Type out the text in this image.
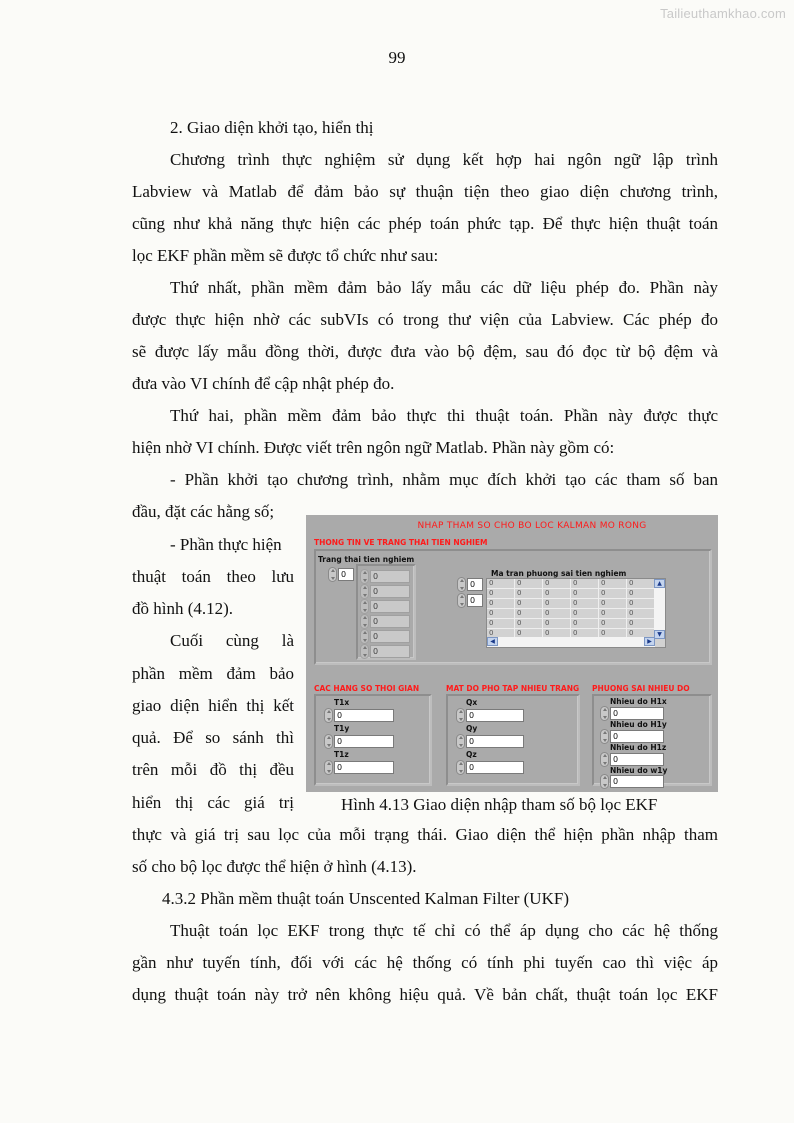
Tailieuthamkhao.com
99
2. Giao diện khởi tạo, hiển thị
Chương trình thực nghiệm sử dụng kết hợp hai ngôn ngữ lập trình
Labview và Matlab để đảm bảo sự thuận tiện theo giao diện chương trình,
cũng như khả năng thực hiện các phép toán phức tạp. Để thực hiện thuật toán
lọc EKF phần mềm sẽ được tổ chức như sau:
Thứ nhất, phần mềm đảm bảo lấy mẫu các dữ liệu phép đo. Phần này
được thực hiện nhờ các subVIs có trong thư viện của Labview. Các phép đo
sẽ được lấy mẫu đồng thời, được đưa vào bộ đệm, sau đó đọc từ bộ đệm và
đưa vào VI chính để cập nhật phép đo.
Thứ hai, phần mềm đảm bảo thực thi thuật toán. Phần này được thực
hiện nhờ VI chính. Được viết trên ngôn ngữ Matlab. Phần này gồm có:
- Phần khởi tạo chương trình, nhằm mục đích khởi tạo các tham số ban
đầu, đặt các hằng số;
- Phần thực hiện
thuật toán theo lưu
đồ hình (4.12).
Cuối cùng là
phần mềm đảm bảo
giao diện hiển thị kết
quả. Để so sánh thì
trên mỗi đồ thị đều
hiển thị các giá trị
NHAP THAM SO CHO BO LOC KALMAN MO RONG
THONG TIN VE TRANG THAI TIEN NGHIEM
Trang thai tien nghiem
0	0
0
0
0
0
0
Ma tran phuong sai tien nghiem
0
0
0	0	0	0	0	0
0	0	0	0	0	0
0	0	0	0	0	0
0	0	0	0	0	0
0	0	0	0	0	0
0	0	0	0	0	0
▲
▼
◀	▶
CAC HANG SO THOI GIAN
T1x
0
T1y
0
T1z
0
MAT DO PHO TAP NHIEU TRANG
Qx
0
Qy
0
Qz
0
PHUONG SAI NHIEU DO
Nhieu do H1x
0
Nhieu do H1y
0
Nhieu do H1z
0
Nhieu do w1y
0
Hình 4.13 Giao diện nhập tham số bộ lọc EKF
thực và giá trị sau lọc của mỗi trạng thái. Giao diện thể hiện phần nhập tham
số cho bộ lọc được thể hiện ở hình (4.13).
4.3.2 Phần mềm thuật toán Unscented Kalman Filter (UKF)
Thuật toán lọc EKF trong thực tế chỉ có thể áp dụng cho các hệ thống
gần như tuyến tính, đối với các hệ thống có tính phi tuyến cao thì việc áp
dụng thuật toán này trở nên không hiệu quả. Về bản chất, thuật toán lọc EKF
